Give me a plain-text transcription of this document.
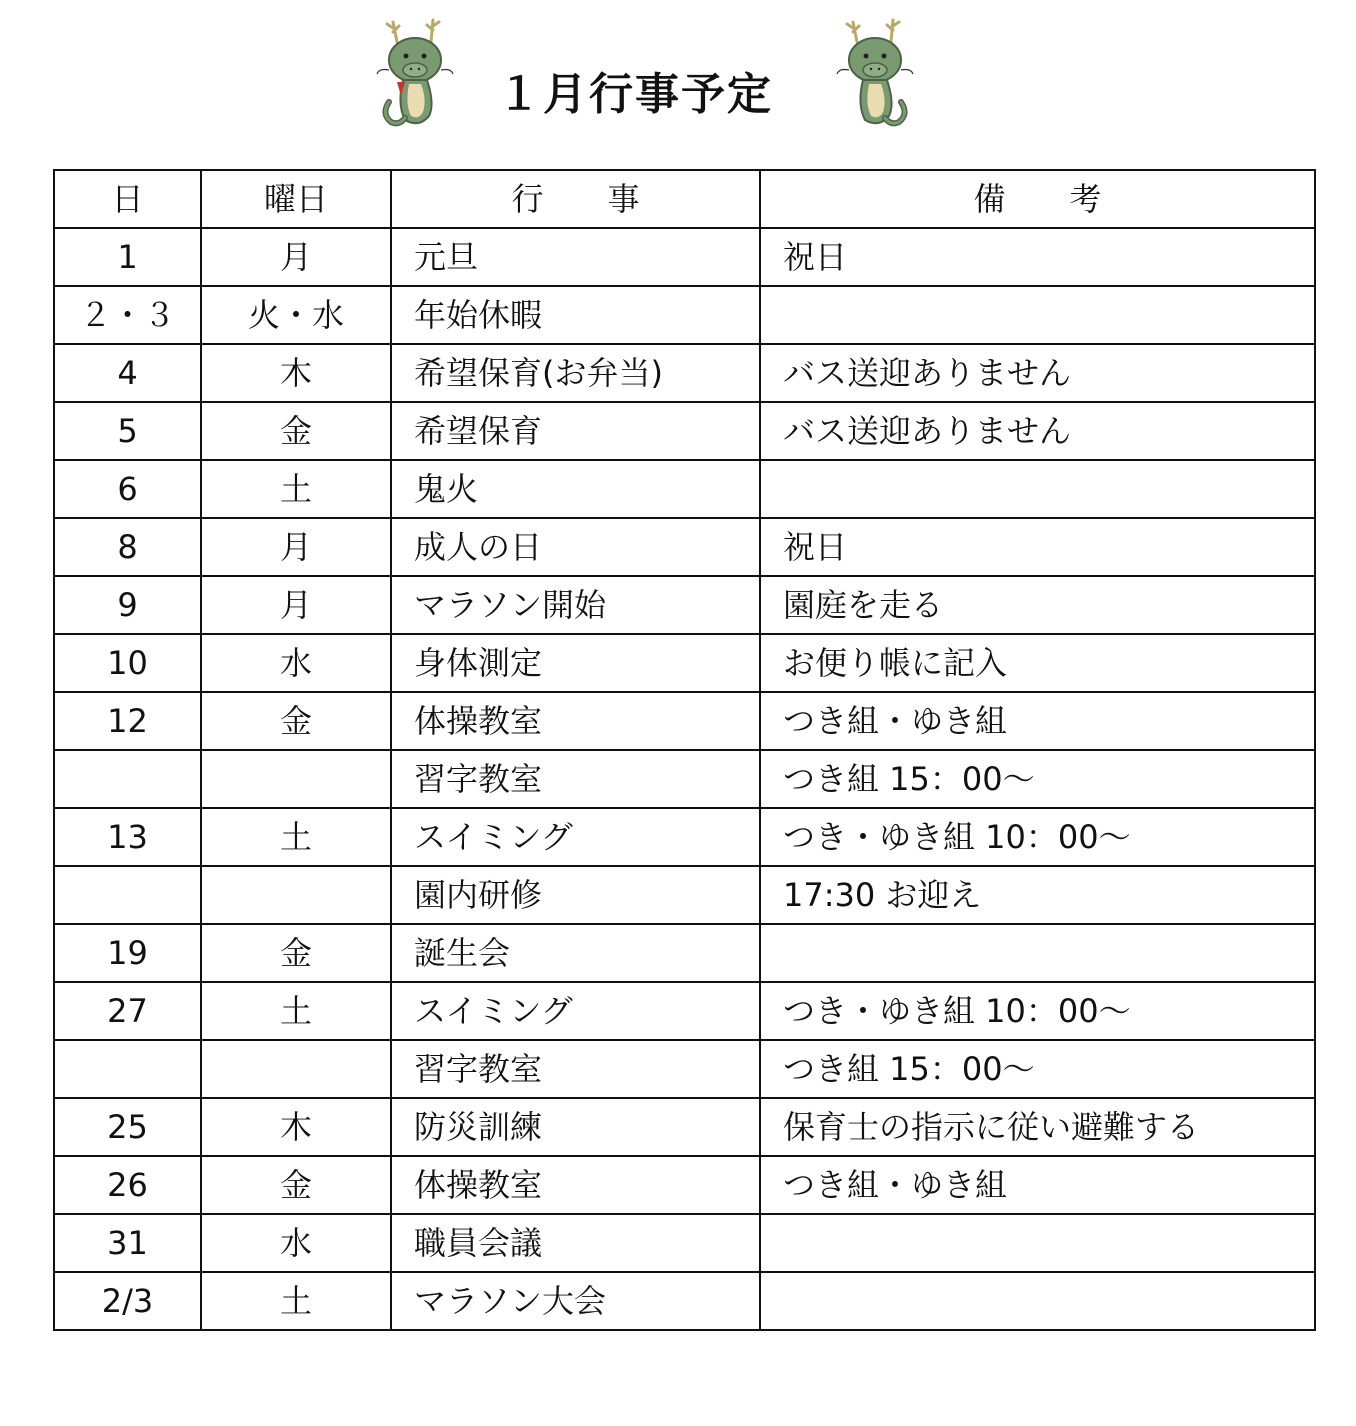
１月行事予定
日	曜日	行　　事	備　　考
1	月	元旦	祝日
２・３	火・水	年始休暇	
4	木	希望保育(お弁当)	バス送迎ありません
5	金	希望保育	バス送迎ありません
6	土	鬼火	
8	月	成人の日	祝日
9	月	マラソン開始	園庭を走る
10	水	身体測定	お便り帳に記入
12	金	体操教室	つき組・ゆき組
		習字教室	つき組 15：00～
13	土	スイミング	つき・ゆき組 10：00～
		園内研修	17:30 お迎え
19	金	誕生会	
27	土	スイミング	つき・ゆき組 10：00～
		習字教室	つき組 15：00～
25	木	防災訓練	保育士の指示に従い避難する
26	金	体操教室	つき組・ゆき組
31	水	職員会議	
2/3	土	マラソン大会	
